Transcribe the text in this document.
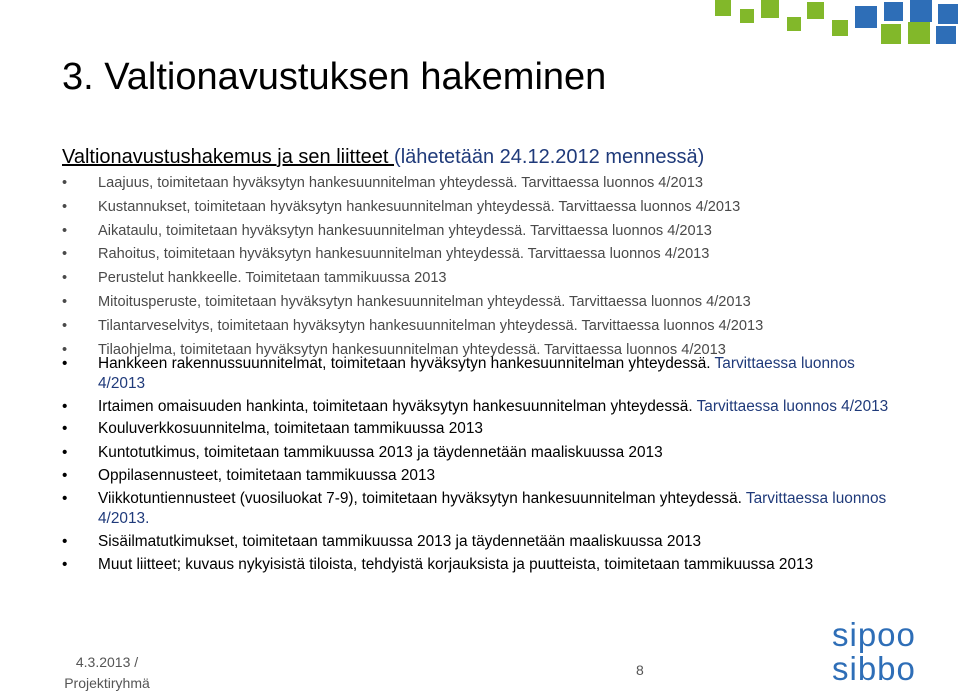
3. Valtionavustuksen hakeminen
Valtionavustushakemus ja sen liitteet (lähetetään 24.12.2012 mennessä)
• Laajuus, toimitetaan hyväksytyn hankesuunnitelman yhteydessä. Tarvittaessa luonnos 4/2013
• Kustannukset, toimitetaan hyväksytyn hankesuunnitelman yhteydessä. Tarvittaessa luonnos 4/2013
• Aikataulu, toimitetaan hyväksytyn hankesuunnitelman yhteydessä. Tarvittaessa luonnos 4/2013
• Rahoitus, toimitetaan hyväksytyn hankesuunnitelman yhteydessä. Tarvittaessa luonnos 4/2013
• Perustelut hankkeelle. Toimitetaan tammikuussa 2013
• Mitoitusperuste, toimitetaan hyväksytyn hankesuunnitelman yhteydessä. Tarvittaessa luonnos 4/2013
• Tilantarveselvitys, toimitetaan hyväksytyn hankesuunnitelman yhteydessä. Tarvittaessa luonnos 4/2013
• Tilaohjelma, toimitetaan hyväksytyn hankesuunnitelman yhteydessä. Tarvittaessa luonnos 4/2013
• Hankkeen rakennussuunnitelmat, toimitetaan hyväksytyn hankesuunnitelman yhteydessä. Tarvittaessa luonnos 4/2013
• Irtaimen omaisuuden hankinta, toimitetaan hyväksytyn hankesuunnitelman yhteydessä. Tarvittaessa luonnos 4/2013
• Kouluverkkosuunnitelma, toimitetaan tammikuussa 2013
• Kuntotutkimus, toimitetaan tammikuussa 2013 ja täydennetään maaliskuussa 2013
• Oppilasennusteet, toimitetaan tammikuussa 2013
• Viikkotuntiennusteet (vuosiluokat 7-9), toimitetaan hyväksytyn hankesuunnitelman yhteydessä. Tarvittaessa luonnos 4/2013.
• Sisäilmatutkimukset, toimitetaan tammikuussa 2013 ja täydennetään maaliskuussa 2013
• Muut liitteet; kuvaus nykyisistä tiloista, tehdyistä korjauksista ja puutteista, toimitetaan tammikuussa 2013
4.3.2013 /
Projektiryhmä
8
sipoo
sibbo
